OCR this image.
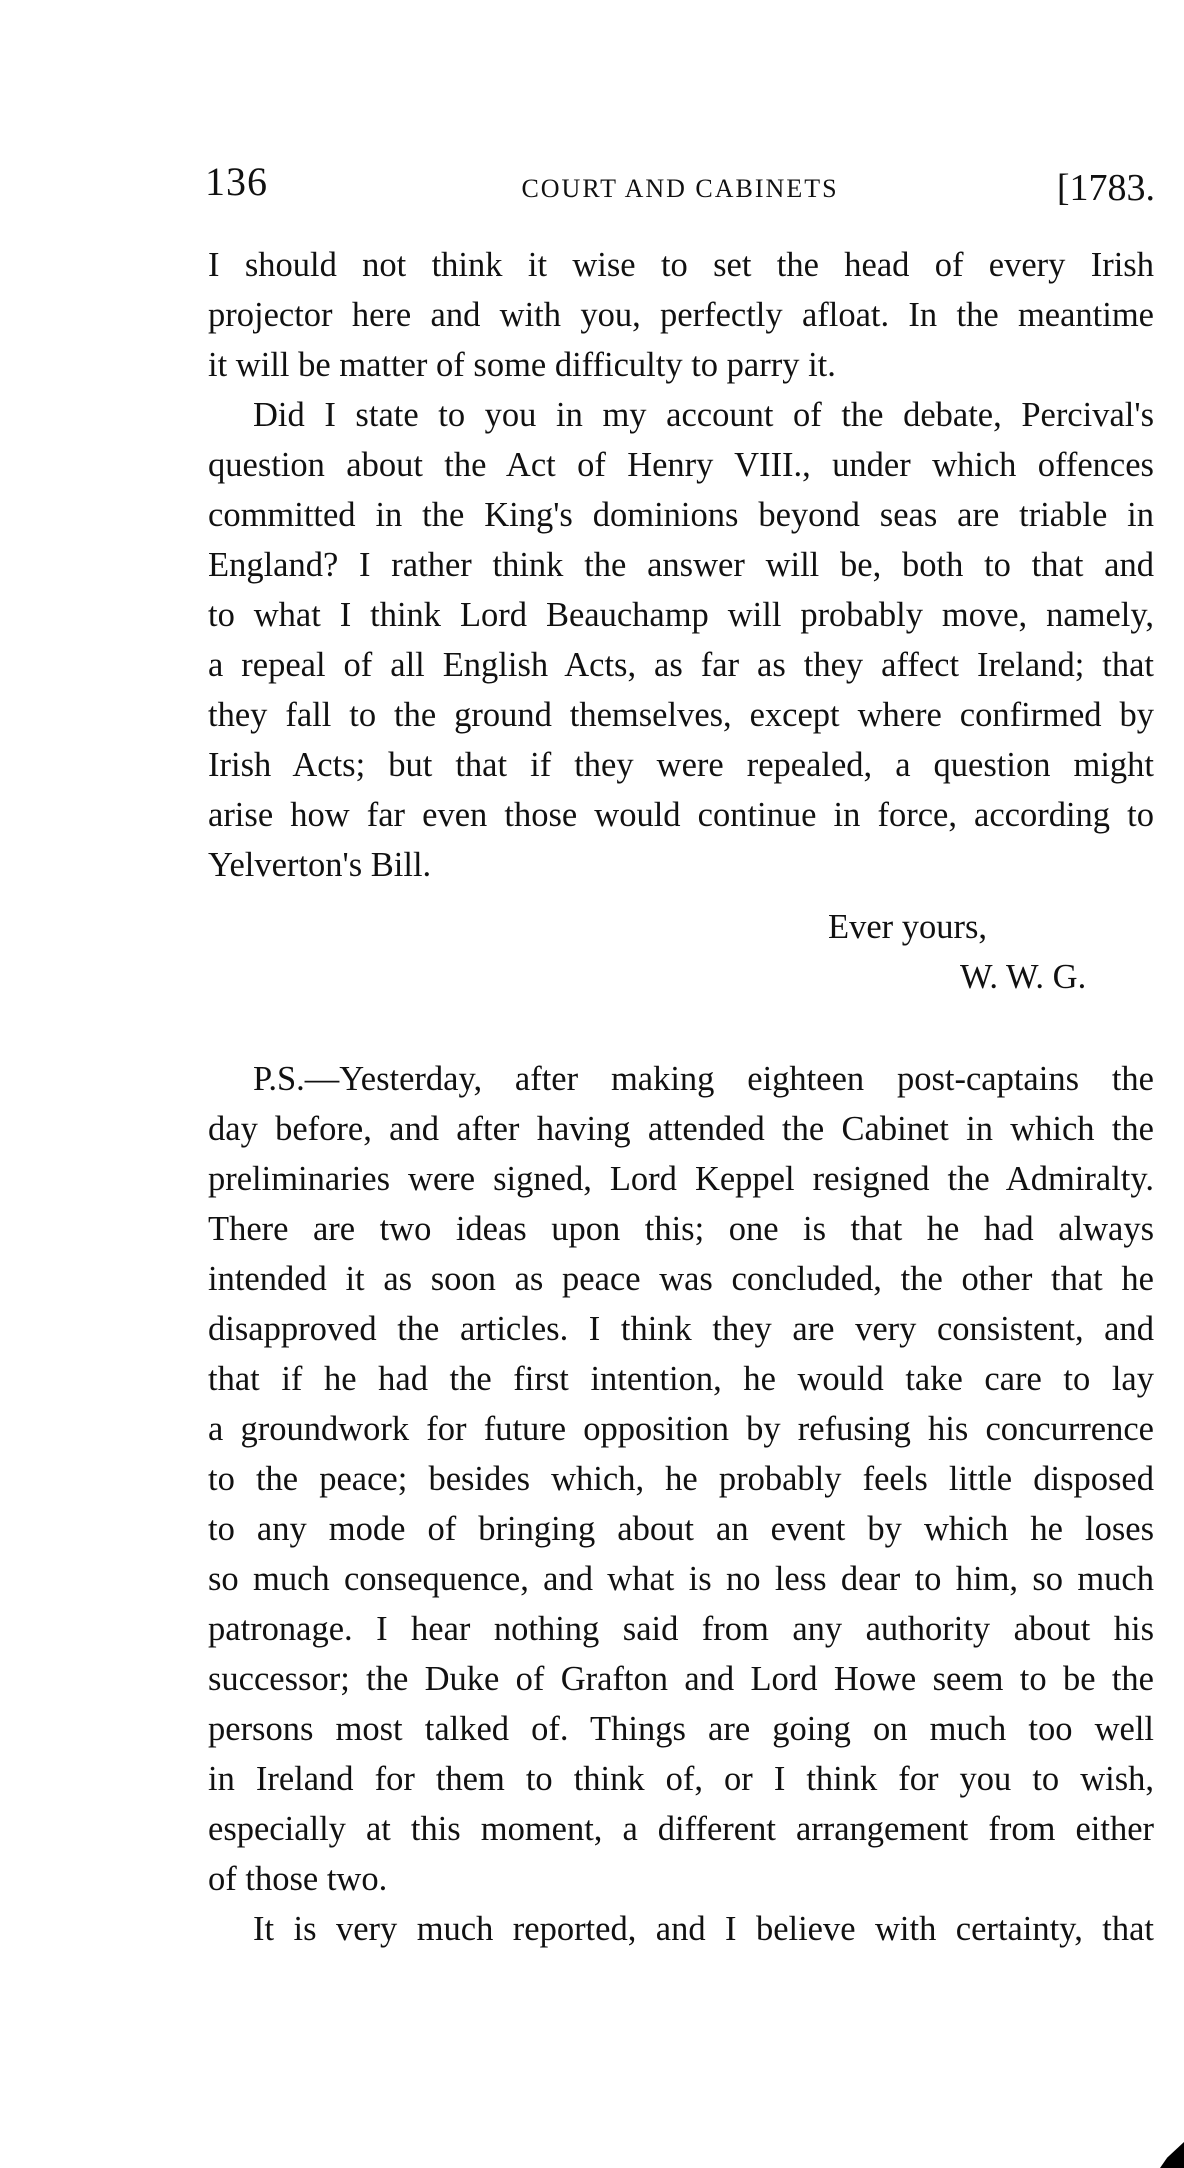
136	COURT AND CABINETS	[1783.
I should not think it wise to set the head of every Irish
projector here and with you, perfectly afloat. In the meantime
it will be matter of some difficulty to parry it.
Did I state to you in my account of the debate, Percival's
question about the Act of Henry VIII., under which offences
committed in the King's dominions beyond seas are triable in
England? I rather think the answer will be, both to that and
to what I think Lord Beauchamp will probably move, namely,
a repeal of all English Acts, as far as they affect Ireland; that
they fall to the ground themselves, except where confirmed by
Irish Acts; but that if they were repealed, a question might
arise how far even those would continue in force, according to
Yelverton's Bill.
Ever yours,
W. W. G.
P.S.—Yesterday, after making eighteen post-captains the
day before, and after having attended the Cabinet in which the
preliminaries were signed, Lord Keppel resigned the Admiralty.
There are two ideas upon this; one is that he had always
intended it as soon as peace was concluded, the other that he
disapproved the articles. I think they are very consistent, and
that if he had the first intention, he would take care to lay
a groundwork for future opposition by refusing his concurrence
to the peace; besides which, he probably feels little disposed
to any mode of bringing about an event by which he loses
so much consequence, and what is no less dear to him, so much
patronage. I hear nothing said from any authority about his
successor; the Duke of Grafton and Lord Howe seem to be the
persons most talked of. Things are going on much too well
in Ireland for them to think of, or I think for you to wish,
especially at this moment, a different arrangement from either
of those two.
It is very much reported, and I believe with certainty, that
